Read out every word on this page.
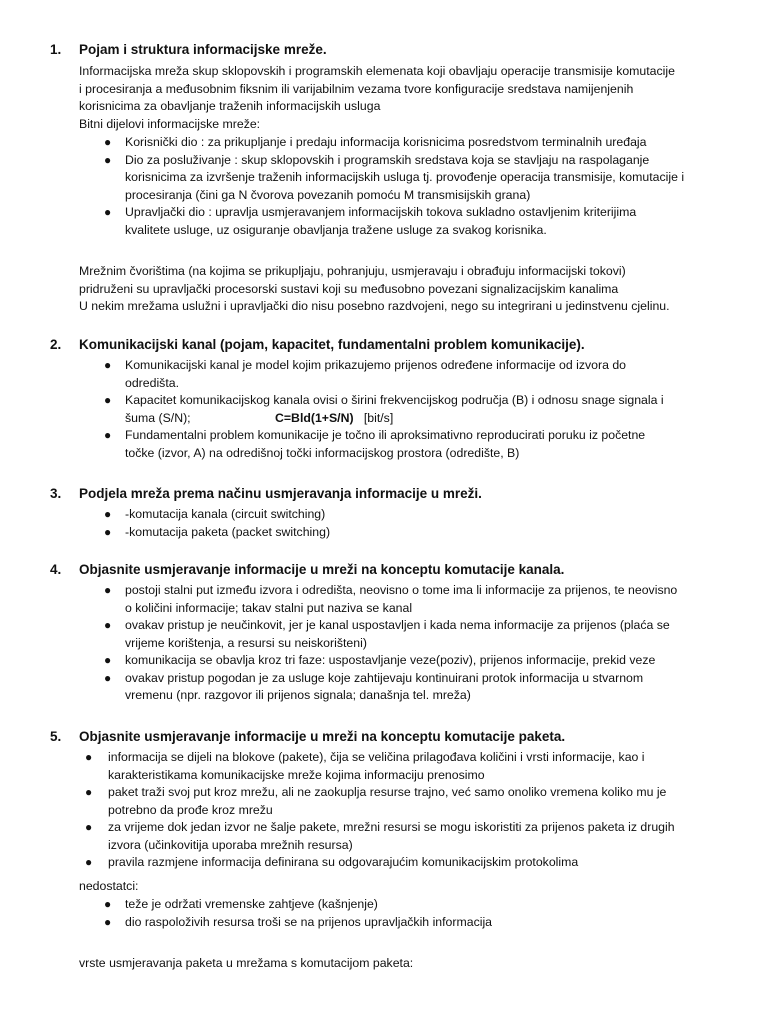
1. Pojam i struktura informacijske mreže.
Informacijska mreža skup sklopovskih i programskih elemenata koji obavljaju operacije transmisije komutacije
i procesiranja a međusobnim fiksnim ili varijabilnim vezama tvore konfiguracije sredstava namijenjenih
korisnicima za obavljanje traženih informacijskih usluga
Bitni dijelovi informacijske mreže:
● Korisnički dio : za prikupljanje i predaju informacija korisnicima posredstvom terminalnih uređaja
● Dio za posluživanje : skup sklopovskih i programskih sredstava koja se stavljaju na raspolaganje
korisnicima za izvršenje traženih informacijskih usluga tj. provođenje operacija transmisije, komutacije i
procesiranja (čini ga N čvorova povezanih pomoću M transmisijskih grana)
● Upravljački dio : upravlja usmjeravanjem informacijskih tokova sukladno ostavljenim kriterijima
kvalitete usluge, uz osiguranje obavljanja tražene usluge za svakog korisnika.
Mrežnim čvorištima (na kojima se prikupljaju, pohranjuju, usmjeravaju i obrađuju informacijski tokovi)
pridruženi su upravljački procesorski sustavi koji su međusobno povezani signalizacijskim kanalima
U nekim mrežama uslužni i upravljački dio nisu posebno razdvojeni, nego su integrirani u jedinstvenu cjelinu.
2. Komunikacijski kanal (pojam, kapacitet, fundamentalni problem komunikacije).
● Komunikacijski kanal je model kojim prikazujemo prijenos određene informacije od izvora do
odredišta.
● Kapacitet komunikacijskog kanala ovisi o širini frekvencijskog područja (B) i odnosu snage signala i
šuma (S/N);	C=Bld(1+S/N) [bit/s]
● Fundamentalni problem komunikacije je točno ili aproksimativno reproducirati poruku iz početne
točke (izvor, A) na odredišnoj točki informacijskog prostora (odredište, B)
3. Podjela mreža prema načinu usmjeravanja informacije u mreži.
● -komutacija kanala (circuit switching)
● -komutacija paketa (packet switching)
4. Objasnite usmjeravanje informacije u mreži na konceptu komutacije kanala.
● postoji stalni put između izvora i odredišta, neovisno o tome ima li informacije za prijenos, te neovisno
o količini informacije; takav stalni put naziva se kanal
● ovakav pristup je neučinkovit, jer je kanal uspostavljen i kada nema informacije za prijenos (plaća se
vrijeme korištenja, a resursi su neiskorišteni)
● komunikacija se obavlja kroz tri faze: uspostavljanje veze(poziv), prijenos informacije, prekid veze
● ovakav pristup pogodan je za usluge koje zahtijevaju kontinuirani protok informacija u stvarnom
vremenu (npr. razgovor ili prijenos signala; današnja tel. mreža)
5. Objasnite usmjeravanje informacije u mreži na konceptu komutacije paketa.
● informacija se dijeli na blokove (pakete), čija se veličina prilagođava količini i vrsti informacije, kao i
karakteristikama komunikacijske mreže kojima informaciju prenosimo
● paket traži svoj put kroz mrežu, ali ne zaokuplja resurse trajno, već samo onoliko vremena koliko mu je
potrebno da prođe kroz mrežu
● za vrijeme dok jedan izvor ne šalje pakete, mrežni resursi se mogu iskoristiti za prijenos paketa iz drugih
izvora (učinkovitija uporaba mrežnih resursa)
● pravila razmjene informacija definirana su odgovarajućim komunikacijskim protokolima
nedostatci:
● teže je održati vremenske zahtjeve (kašnjenje)
● dio raspoloživih resursa troši se na prijenos upravljačkih informacija
vrste usmjeravanja paketa u mrežama s komutacijom paketa:
